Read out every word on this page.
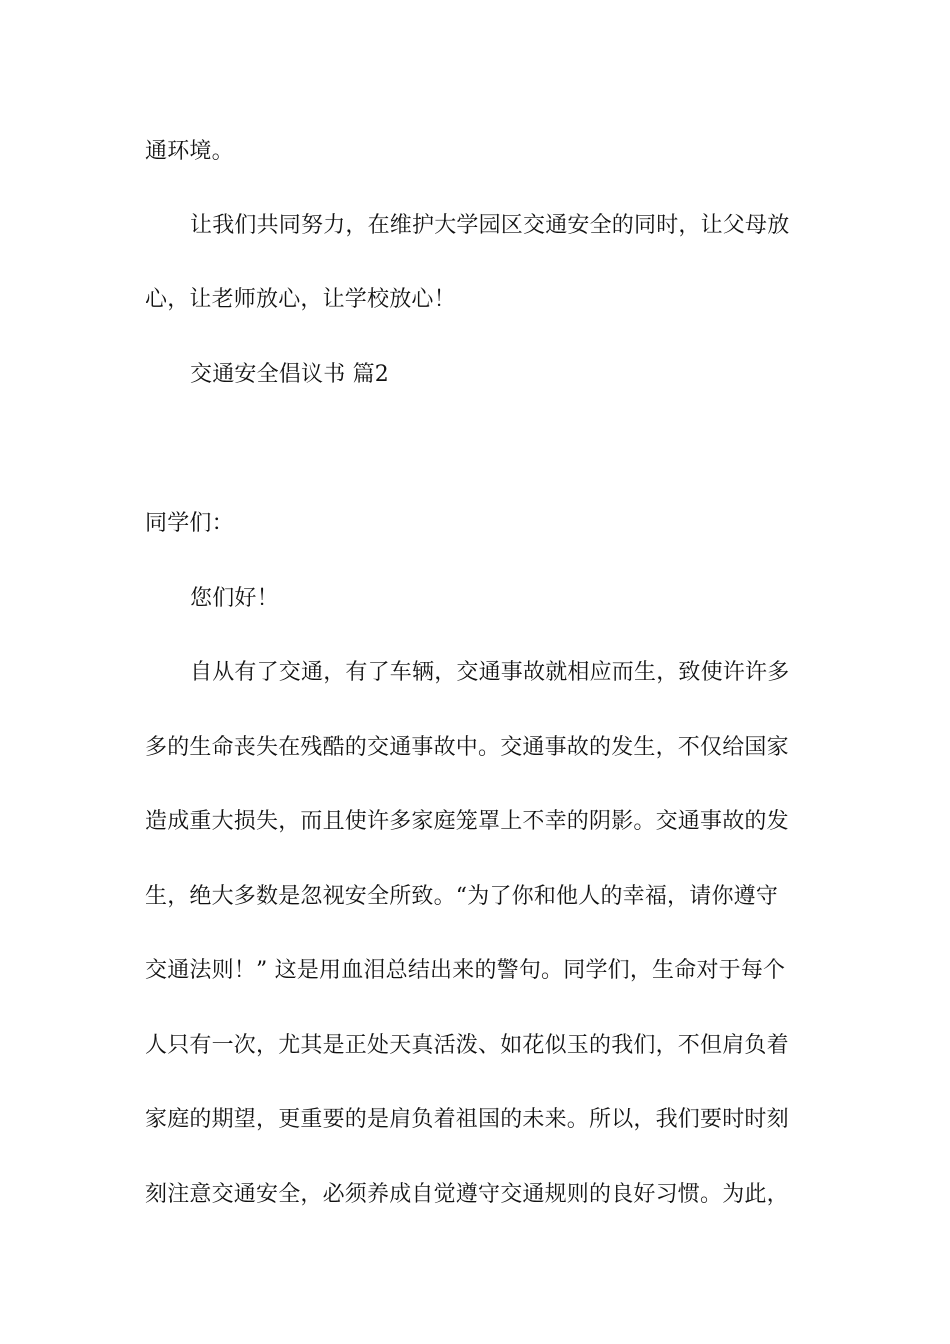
通环境。
让我们共同努力，在维护大学园区交通安全的同时，让父母放
心，让老师放心，让学校放心！
交通安全倡议书 篇2
同学们：
您们好！
自从有了交通，有了车辆，交通事故就相应而生，致使许许多
多的生命丧失在残酷的交通事故中。交通事故的发生，不仅给国家
造成重大损失，而且使许多家庭笼罩上不幸的阴影。交通事故的发
生，绝大多数是忽视安全所致。“为了你和他人的幸福，请你遵守
交通法则！” 这是用血泪总结出来的警句。同学们，生命对于每个
人只有一次，尤其是正处天真活泼、如花似玉的我们，不但肩负着
家庭的期望，更重要的是肩负着祖国的未来。所以，我们要时时刻
刻注意交通安全，必须养成自觉遵守交通规则的良好习惯。为此，
